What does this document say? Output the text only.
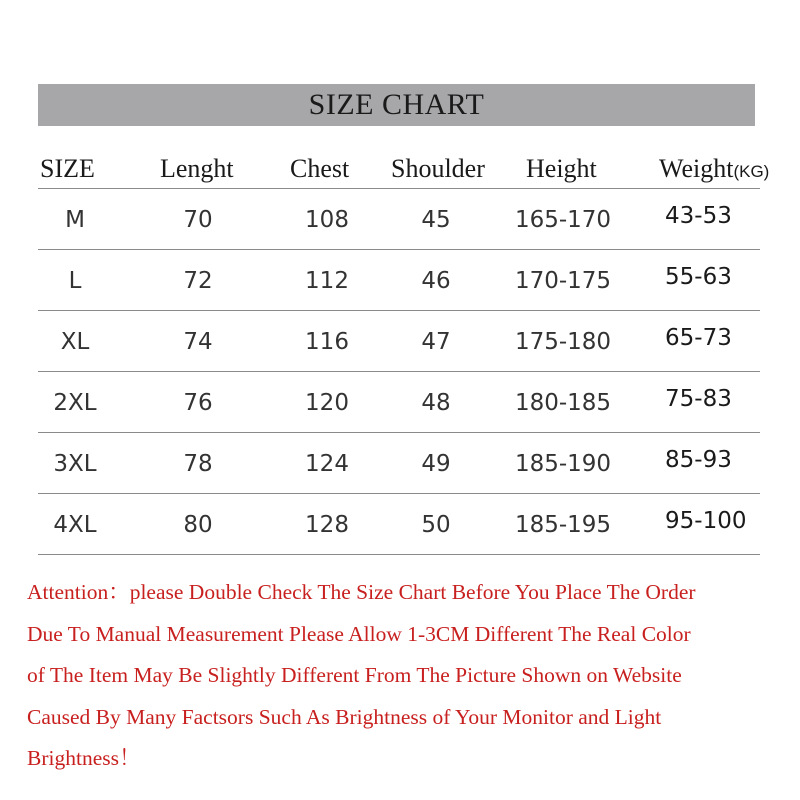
SIZE CHART
SIZE	Lenght Chest Shoulder Height Weight(KG)
M	70	108	45	165-170	43-53
L	72	112	46	170-175	55-63
XL	74	116	47	175-180	65-73
2XL	76	120	48	180-185	75-83
3XL	78	124	49	185-190	85-93
4XL	80	128	50	185-195	95-100

Attention：please Double Check The Size Chart Before You Place The Order

Due To Manual Measurement Please Allow 1-3CM Different The Real Color

of The Item May Be Slightly Different From The Picture Shown on Website

Caused By Many Factsors Such As Brightness of Your Monitor and Light

Brightness！
